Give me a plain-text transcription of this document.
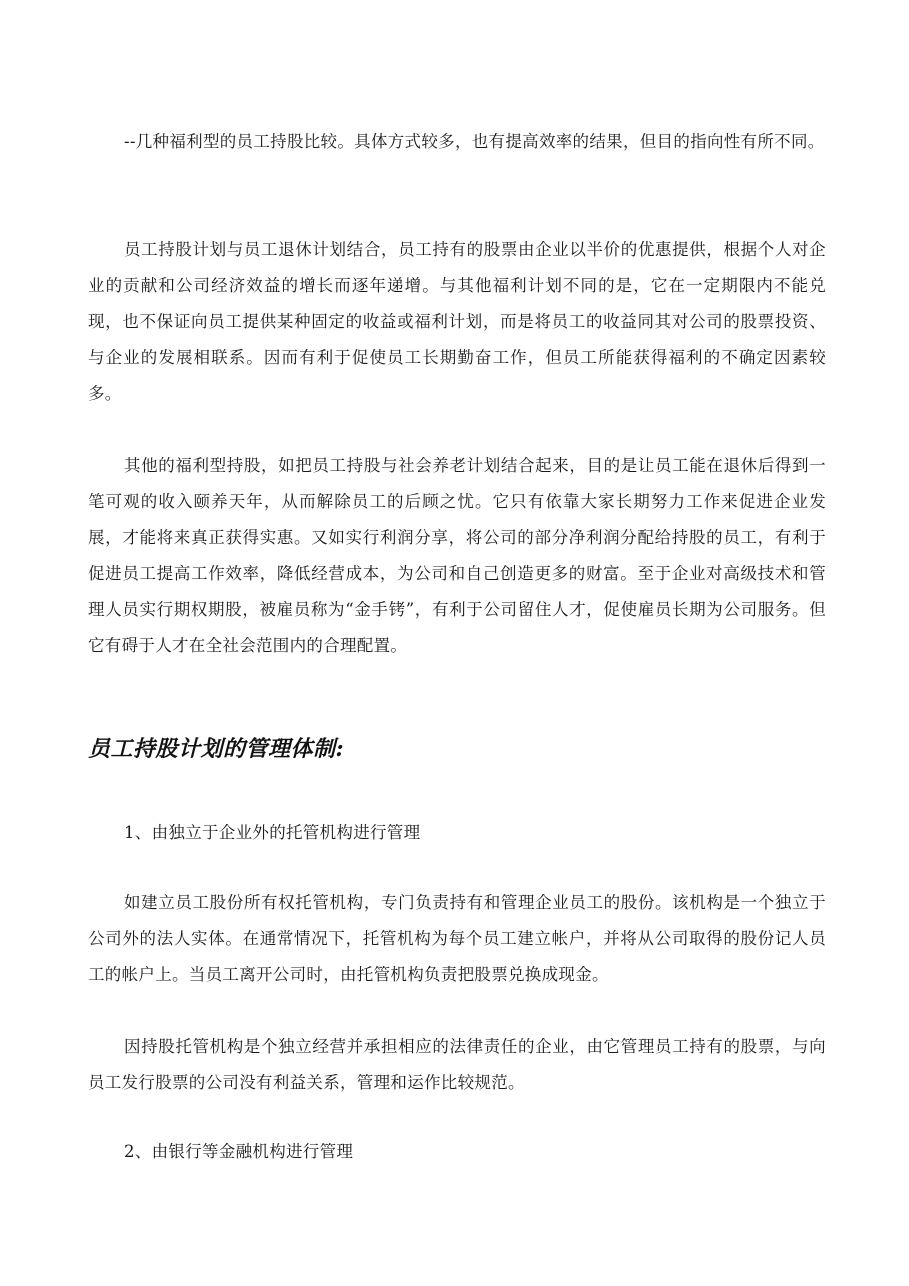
--几种福利型的员工持股比较。具体方式较多，也有提高效率的结果，但目的指向性有所不同。

员工持股计划与员工退休计划结合，员工持有的股票由企业以半价的优惠提供，根据个人对企业的贡献和公司经济效益的增长而逐年递增。与其他福利计划不同的是，它在一定期限内不能兑现，也不保证向员工提供某种固定的收益或福利计划，而是将员工的收益同其对公司的股票投资、与企业的发展相联系。因而有利于促使员工长期勤奋工作，但员工所能获得福利的不确定因素较多。

其他的福利型持股，如把员工持股与社会养老计划结合起来，目的是让员工能在退休后得到一笔可观的收入颐养天年，从而解除员工的后顾之忧。它只有依靠大家长期努力工作来促进企业发展，才能将来真正获得实惠。又如实行利润分享，将公司的部分净利润分配给持股的员工，有利于促进员工提高工作效率，降低经营成本，为公司和自己创造更多的财富。至于企业对高级技术和管理人员实行期权期股，被雇员称为“金手铐”，有利于公司留住人才，促使雇员长期为公司服务。但它有碍于人才在全社会范围内的合理配置。

员工持股计划的管理体制:

1、由独立于企业外的托管机构进行管理

如建立员工股份所有权托管机构，专门负责持有和管理企业员工的股份。该机构是一个独立于公司外的法人实体。在通常情况下，托管机构为每个员工建立帐户，并将从公司取得的股份记人员工的帐户上。当员工离开公司时，由托管机构负责把股票兑换成现金。

因持股托管机构是个独立经营并承担相应的法律责任的企业，由它管理员工持有的股票，与向员工发行股票的公司没有利益关系，管理和运作比较规范。

2、由银行等金融机构进行管理
